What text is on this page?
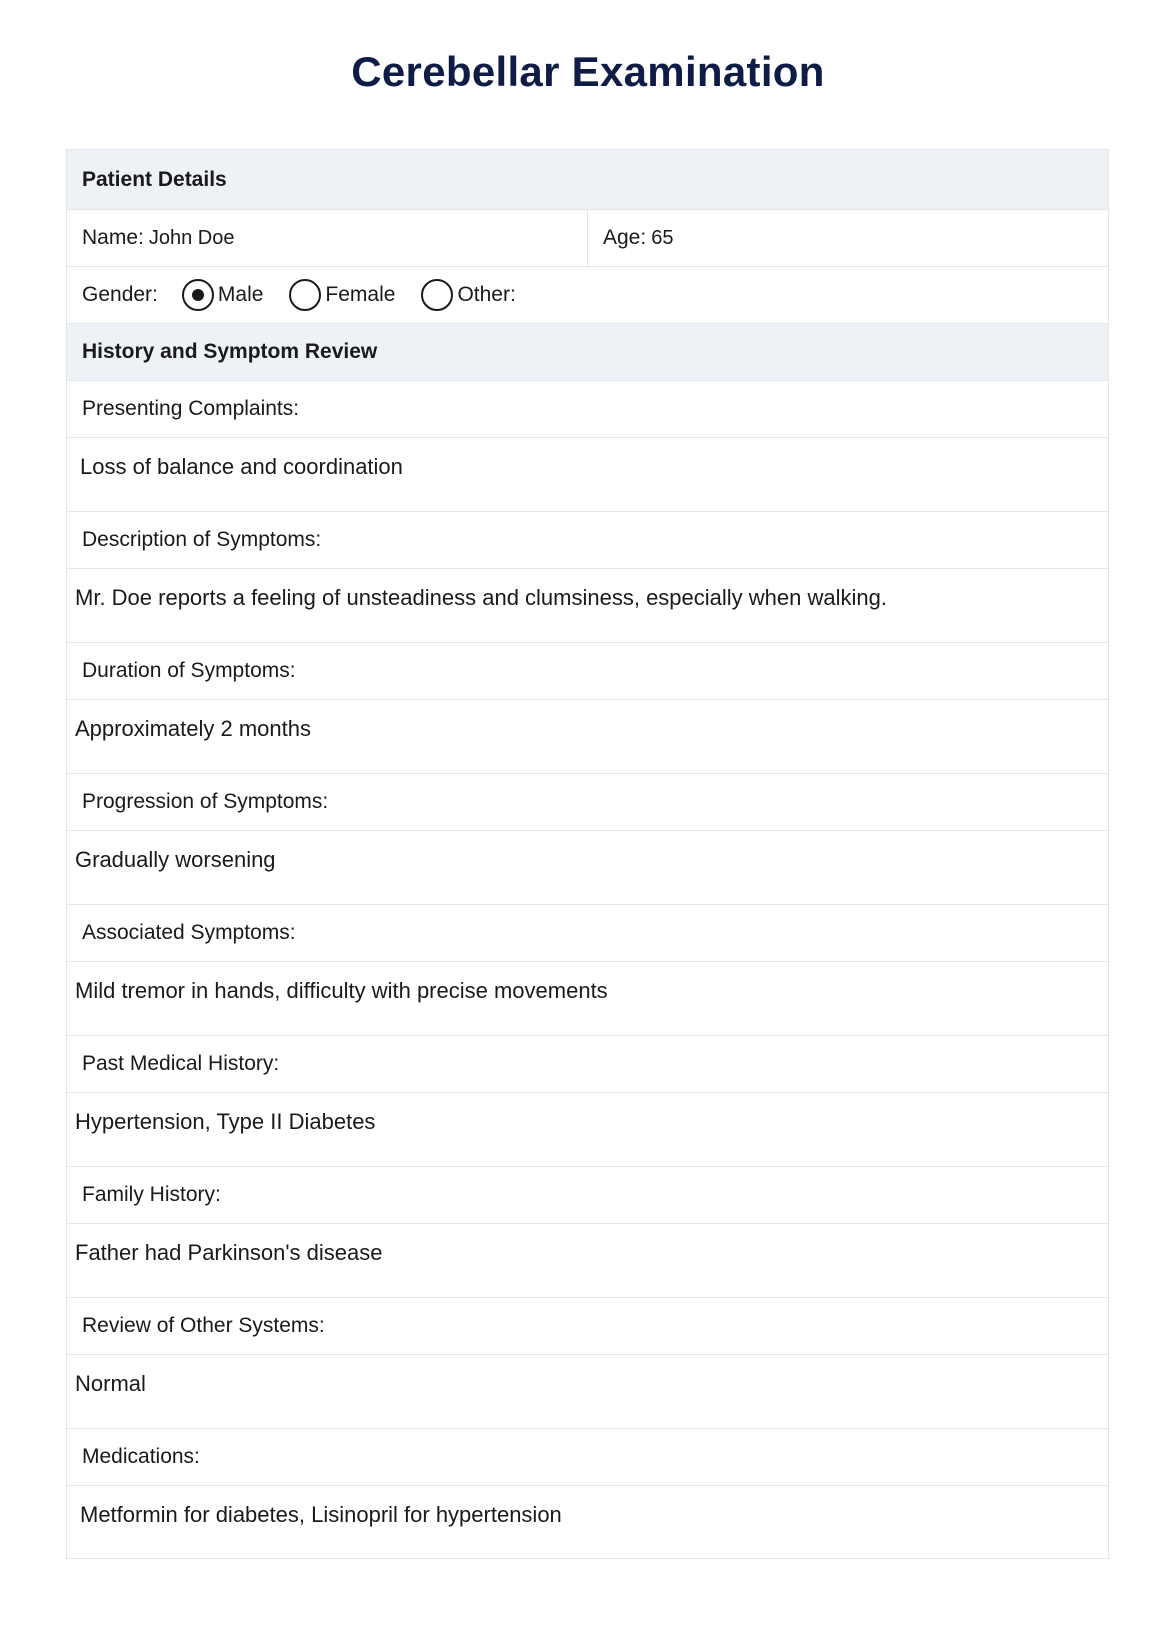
Cerebellar Examination
Patient Details
Name: John Doe	Age: 65
Gender:	Male	Female	Other:
History and Symptom Review
Presenting Complaints:
Loss of balance and coordination
Description of Symptoms:
Mr. Doe reports a feeling of unsteadiness and clumsiness, especially when walking.
Duration of Symptoms:
Approximately 2 months
Progression of Symptoms:
Gradually worsening
Associated Symptoms:
Mild tremor in hands, difficulty with precise movements
Past Medical History:
Hypertension, Type II Diabetes
Family History:
Father had Parkinson's disease
Review of Other Systems:
Normal
Medications:
Metformin for diabetes, Lisinopril for hypertension
